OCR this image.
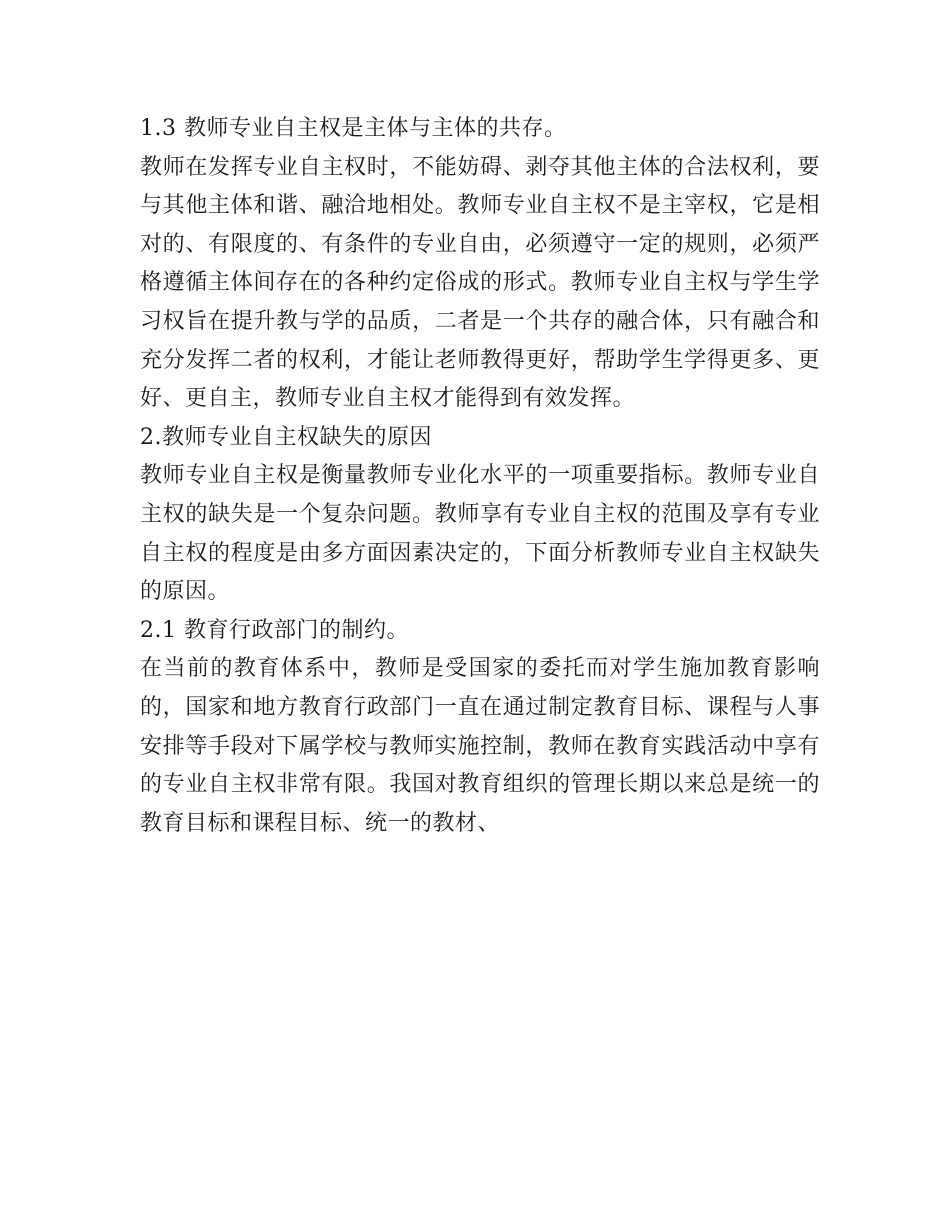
1.3 教师专业自主权是主体与主体的共存。

教师在发挥专业自主权时，不能妨碍、剥夺其他主体的合法权利，要与其他主体和谐、融洽地相处。教师专业自主权不是主宰权，它是相对的、有限度的、有条件的专业自由，必须遵守一定的规则，必须严格遵循主体间存在的各种约定俗成的形式。教师专业自主权与学生学习权旨在提升教与学的品质，二者是一个共存的融合体，只有融合和充分发挥二者的权利，才能让老师教得更好，帮助学生学得更多、更好、更自主，教师专业自主权才能得到有效发挥。

2.教师专业自主权缺失的原因

教师专业自主权是衡量教师专业化水平的一项重要指标。教师专业自主权的缺失是一个复杂问题。教师享有专业自主权的范围及享有专业自主权的程度是由多方面因素决定的，下面分析教师专业自主权缺失的原因。

2.1 教育行政部门的制约。

在当前的教育体系中，教师是受国家的委托而对学生施加教育影响的，国家和地方教育行政部门一直在通过制定教育目标、课程与人事安排等手段对下属学校与教师实施控制，教师在教育实践活动中享有的专业自主权非常有限。我国对教育组织的管理长期以来总是统一的教育目标和课程目标、统一的教材、
